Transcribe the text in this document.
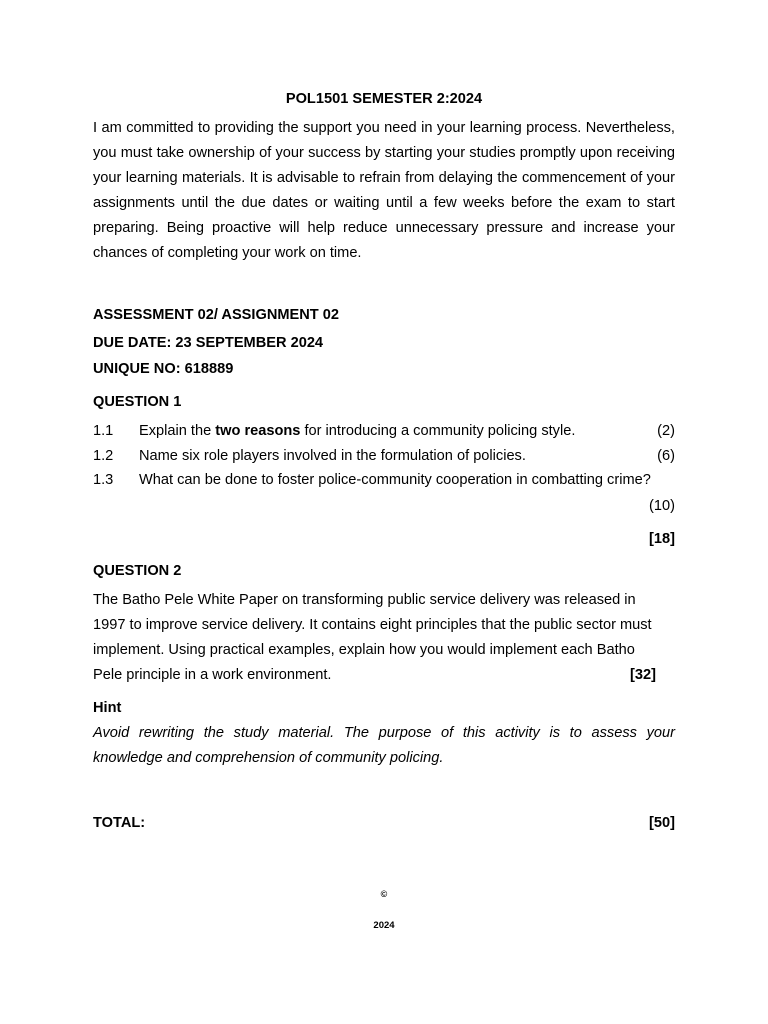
POL1501 SEMESTER 2:2024
I am committed to providing the support you need in your learning process. Nevertheless, you must take ownership of your success by starting your studies promptly upon receiving your learning materials. It is advisable to refrain from delaying the commencement of your assignments until the due dates or waiting until a few weeks before the exam to start preparing. Being proactive will help reduce unnecessary pressure and increase your chances of completing your work on time.
ASSESSMENT 02/ ASSIGNMENT 02
DUE DATE: 23 SEPTEMBER 2024
UNIQUE NO: 618889
QUESTION 1
1.1 Explain the two reasons for introducing a community policing style.	(2)
1.2 Name six role players involved in the formulation of policies.	(6)
1.3 What can be done to foster police-community cooperation in combatting crime?
(10)
[18]
QUESTION 2
The Batho Pele White Paper on transforming public service delivery was released in
1997 to improve service delivery. It contains eight principles that the public sector must
implement. Using practical examples, explain how you would implement each Batho
Pele principle in a work environment.	[32]
Hint
Avoid rewriting the study material. The purpose of this activity is to assess your knowledge and comprehension of community policing.
TOTAL:	[50]
©
2024
